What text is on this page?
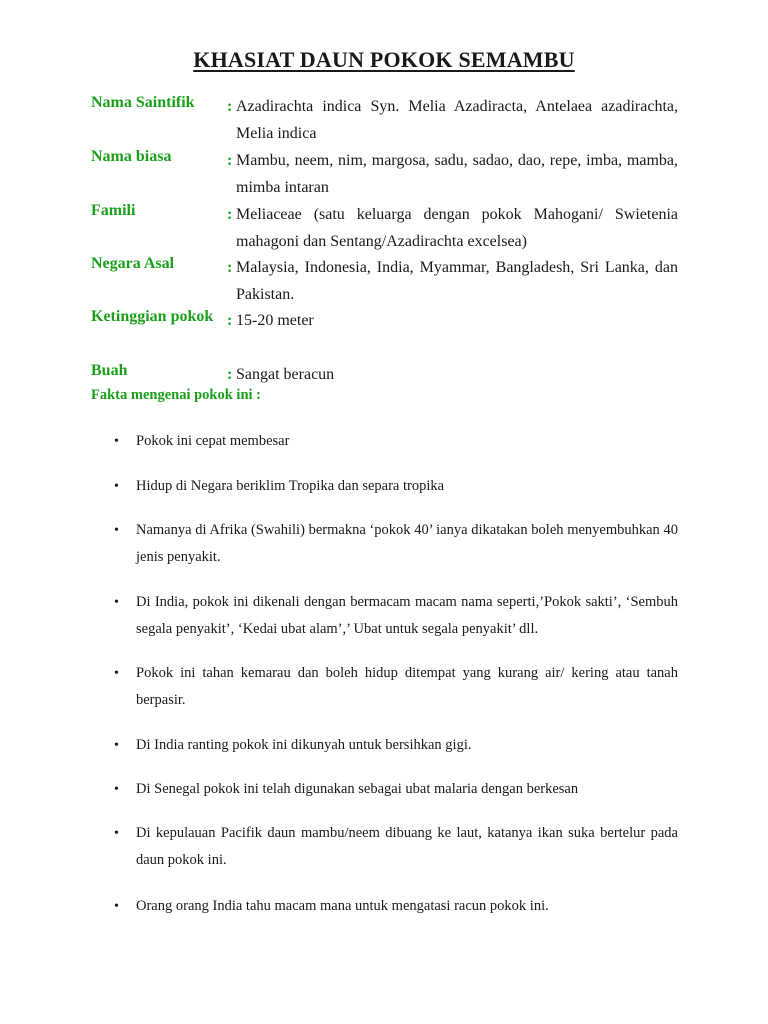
KHASIAT DAUN POKOK SEMAMBU
Nama Saintifik : Azadirachta indica Syn. Melia Azadiracta, Antelaea azadirachta, Melia indica
Nama biasa	: Mambu, neem, nim, margosa, sadu, sadao, dao, repe, imba, mamba, mimba intaran
Famili	: Meliaceae (satu keluarga dengan pokok Mahogani/ Swietenia mahagoni dan Sentang/Azadirachta excelsea)
Negara Asal	: Malaysia, Indonesia, India, Myammar, Bangladesh, Sri Lanka, dan Pakistan.
Ketinggian pokok : 15-20 meter
Buah	: Sangat beracun
Fakta mengenai pokok ini :
• Pokok ini cepat membesar
• Hidup di Negara beriklim Tropika dan separa tropika
• Namanya di Afrika (Swahili) bermakna ‘pokok 40’ ianya dikatakan boleh menyembuhkan 40 jenis penyakit.
• Di India, pokok ini dikenali dengan bermacam macam nama seperti,’Pokok sakti’, ‘Sembuh segala penyakit’, ‘Kedai ubat alam’,’ Ubat untuk segala penyakit’ dll.
• Pokok ini tahan kemarau dan boleh hidup ditempat yang kurang air/ kering atau tanah berpasir.
• Di India ranting pokok ini dikunyah untuk bersihkan gigi.
• Di Senegal pokok ini telah digunakan sebagai ubat malaria dengan berkesan
• Di kepulauan Pacifik daun mambu/neem dibuang ke laut, katanya ikan suka bertelur pada daun pokok ini.
• Orang orang India tahu macam mana untuk mengatasi racun pokok ini.
